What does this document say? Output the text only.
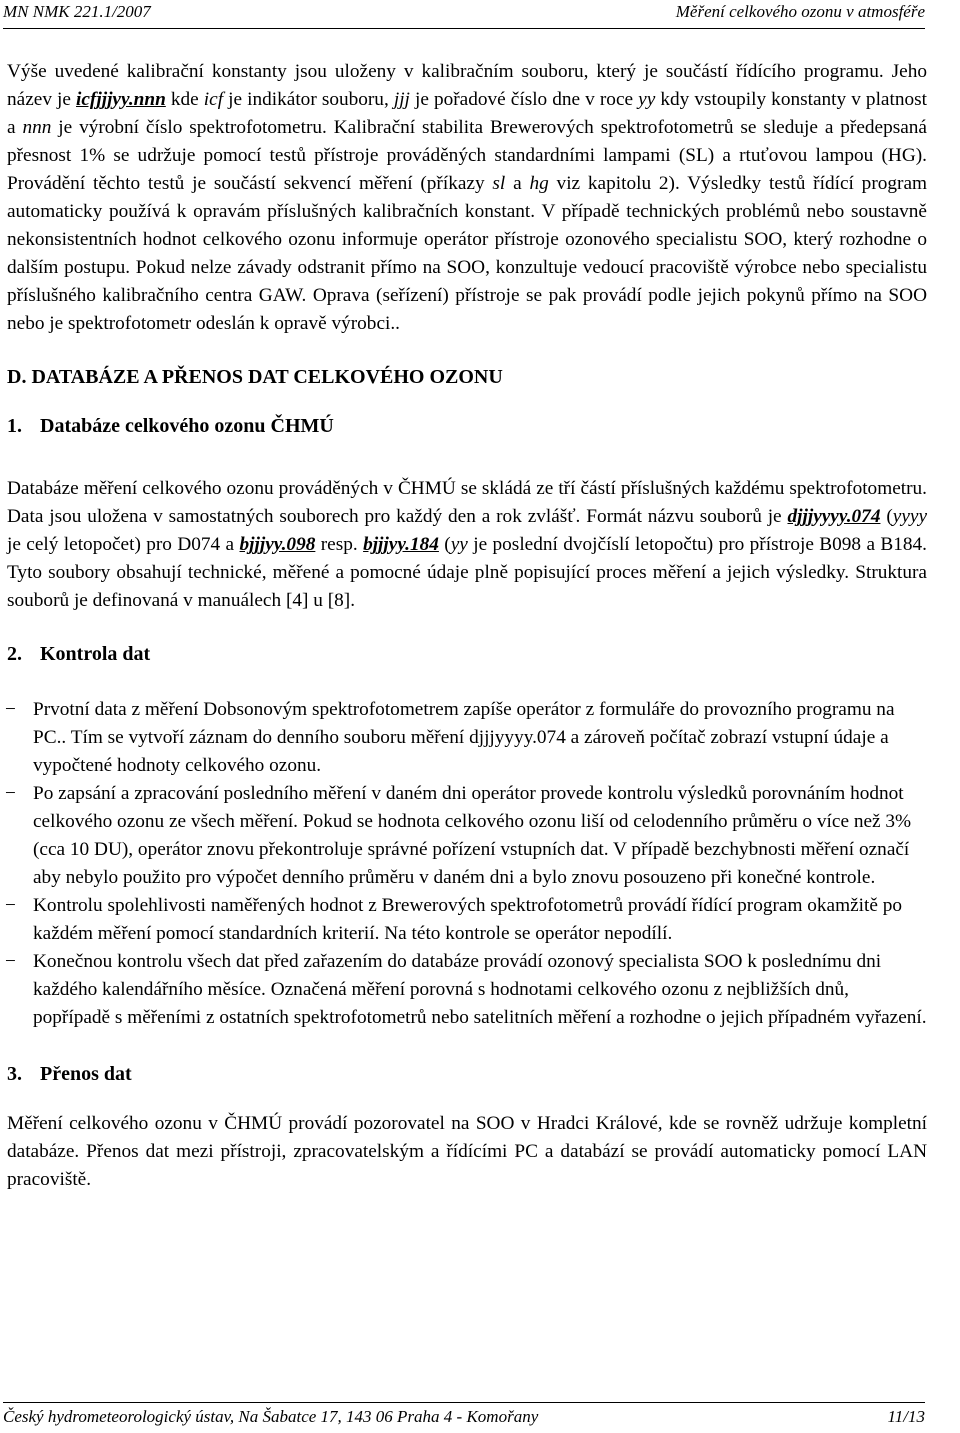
MN NMK 221.1/2007	Měření celkového ozonu v atmosféře

Výše uvedené kalibrační konstanty jsou uloženy v kalibračním souboru, který je součástí řídícího programu. Jeho název je icfjjjyy.nnn kde icf je indikátor souboru, jjj je pořadové číslo dne v roce yy kdy vstoupily konstanty v platnost a nnn je výrobní číslo spektrofotometru. Kalibrační stabilita Brewerových spektrofotometrů se sleduje a předepsaná přesnost 1% se udržuje pomocí testů přístroje prováděných standardními lampami (SL) a rtuťovou lampou (HG). Provádění těchto testů je součástí sekvencí měření (příkazy sl a hg viz kapitolu 2). Výsledky testů řídící program automaticky používá k opravám příslušných kalibračních konstant. V případě technických problémů nebo soustavně nekonsistentních hodnot celkového ozonu informuje operátor přístroje ozonového specialistu SOO, který rozhodne o dalším postupu. Pokud nelze závady odstranit přímo na SOO, konzultuje vedoucí pracoviště výrobce nebo specialistu příslušného kalibračního centra GAW. Oprava (seřízení) přístroje se pak provádí podle jejich pokynů přímo na SOO nebo je spektrofotometr odeslán k opravě výrobci..

D. DATABÁZE A PŘENOS DAT CELKOVÉHO OZONU
1. Databáze celkového ozonu ČHMÚ

Databáze měření celkového ozonu prováděných v ČHMÚ se skládá ze tří částí příslušných každému spektrofotometru. Data jsou uložena v samostatných souborech pro každý den a rok zvlášť. Formát názvu souborů je djjjyyyy.074 (yyyy je celý letopočet) pro D074 a bjjjyy.098 resp. bjjjyy.184 (yy je poslední dvojčíslí letopočtu) pro přístroje B098 a B184. Tyto soubory obsahují technické, měřené a pomocné údaje plně popisující proces měření a jejich výsledky. Struktura souborů je definovaná v manuálech [4] u [8].

2. Kontrola dat
− Prvotní data z měření Dobsonovým spektrofotometrem zapíše operátor z formuláře do provozního programu na PC.. Tím se vytvoří záznam do denního souboru měření djjjyyyy.074 a zároveň počítač zobrazí vstupní údaje a vypočtené hodnoty celkového ozonu.
− Po zapsání a zpracování posledního měření v daném dni operátor provede kontrolu výsledků porovnáním hodnot celkového ozonu ze všech měření. Pokud se hodnota celkového ozonu liší od celodenního průměru o více než 3% (cca 10 DU), operátor znovu překontroluje správné pořízení vstupních dat. V případě bezchybnosti měření označí aby nebylo použito pro výpočet denního průměru v daném dni a bylo znovu posouzeno při konečné kontrole.
− Kontrolu spolehlivosti naměřených hodnot z Brewerových spektrofotometrů provádí řídící program okamžitě po každém měření pomocí standardních kriterií. Na této kontrole se operátor nepodílí.
− Konečnou kontrolu všech dat před zařazením do databáze provádí ozonový specialista SOO k poslednímu dni každého kalendářního měsíce. Označená měření porovná s hodnotami celkového ozonu z nejbližších dnů, popřípadě s měřeními z ostatních spektrofotometrů nebo satelitních měření a rozhodne o jejich případném vyřazení.
3. Přenos dat

Měření celkového ozonu v ČHMÚ provádí pozorovatel na SOO v Hradci Králové, kde se rovněž udržuje kompletní databáze. Přenos dat mezi přístroji, zpracovatelským a řídícími PC a databází se provádí automaticky pomocí LAN pracoviště.

Český hydrometeorologický ústav, Na Šabatce 17, 143 06 Praha 4 - Komořany	11/13
